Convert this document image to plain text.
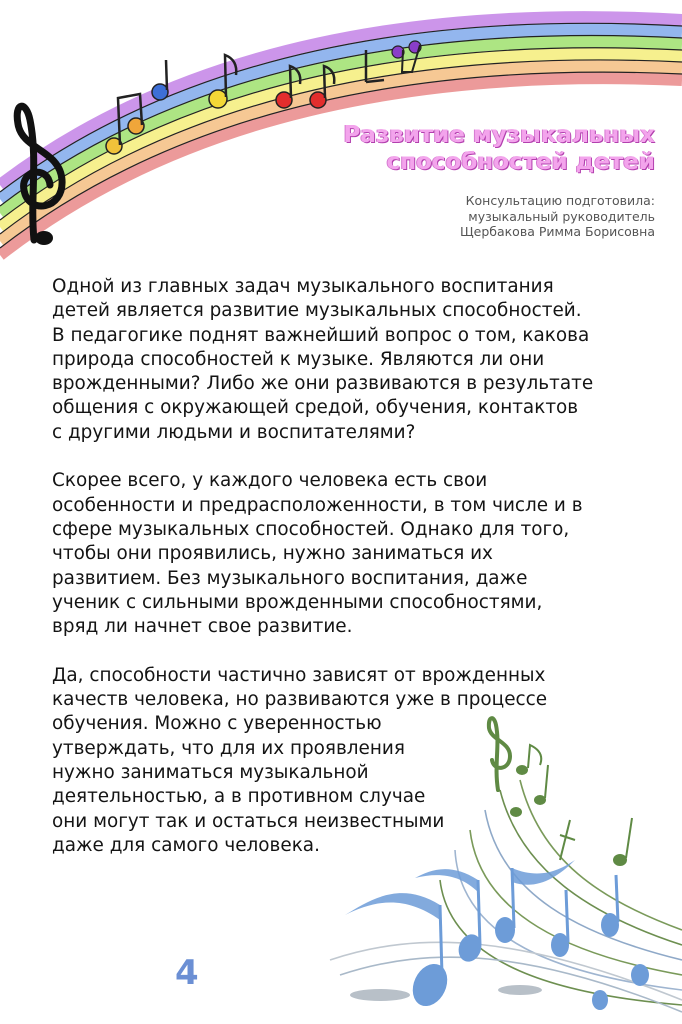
Развитие музыкальных
способностей детей
Консультацию подготовила:
музыкальный руководитель
Щербакова Римма Борисовна

Одной из главных задач музыкального воспитания
детей является развитие музыкальных способностей.
В педагогике поднят важнейший вопрос о том, какова
природа способностей к музыке. Являются ли они
врожденными? Либо же они развиваются в результате
общения с окружающей средой, обучения, контактов
с другими людьми и воспитателями?

Скорее всего, у каждого человека есть свои
особенности и предрасположенности, в том числе и в
сфере музыкальных способностей. Однако для того,
чтобы они проявились, нужно заниматься их
развитием. Без музыкального воспитания, даже
ученик с сильными врожденными способностями,
вряд ли начнет свое развитие.

Да, способности частично зависят от врожденных
качеств человека, но развиваются уже в процессе
обучения. Можно с уверенностью
утверждать, что для их проявления
нужно заниматься музыкальной
деятельностью, а в противном случае
они могут так и остаться неизвестными
даже для самого человека.

4
